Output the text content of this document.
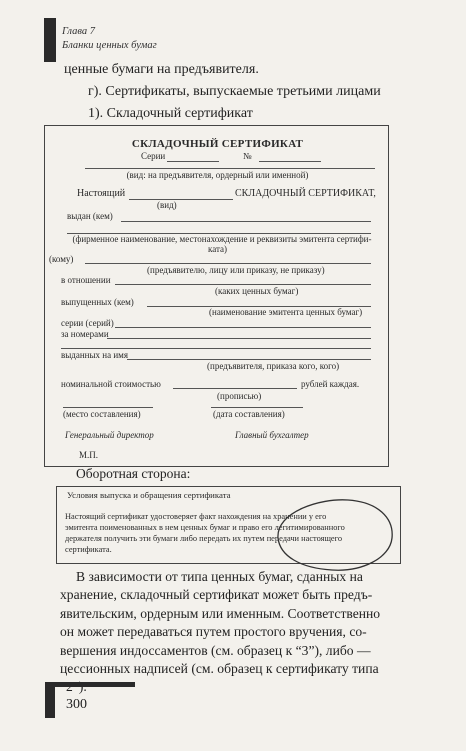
Глава 7
Бланки ценных бумаг
ценные бумаги на предъявителя.
г). Сертификаты, выпускаемые третьими лицами
1). Складочный сертификат
СКЛАДОЧНЫЙ СЕРТИФИКАТ
Серии	№
(вид: на предъявителя, ордерный или именной)
Настоящий	СКЛАДОЧНЫЙ СЕРТИФИКАТ,
(вид)
выдан (кем)
(фирменное наименование, местонахождение и реквизиты эмитента сертифи-
ката)
(кому)
(предъявителю, лицу или приказу, не приказу)
в отношении
(каких ценных бумаг)
выпущенных (кем)
(наименование эмитента ценных бумаг)
серии (серий)
за номерами
выданных на имя
(предъявителя, приказа кого, кого)
номинальной стоимостью	рублей каждая.
(прописью)
(место составления)	(дата составления)
Генеральный директор	Главный бухгалтер
М.П.
Оборотная сторона:
Условия выпуска и обращения сертификата
Настоящий сертификат удостоверяет факт нахождения на хранении у его
эмитента поименованных в нем ценных бумаг и право его легитимированного
держателя получить эти бумаги либо передать их путем передачи настоящего
сертификата.
В зависимости от типа ценных бумаг, сданных на
хранение, складочный сертификат может быть предъ-
явительским, ордерным или именным. Соответственно
он может передаваться путем простого вручения, со-
вершения индоссаментов (см. образец к “3”), либо —
цессионных надписей (см. образец к сертификату типа
300
